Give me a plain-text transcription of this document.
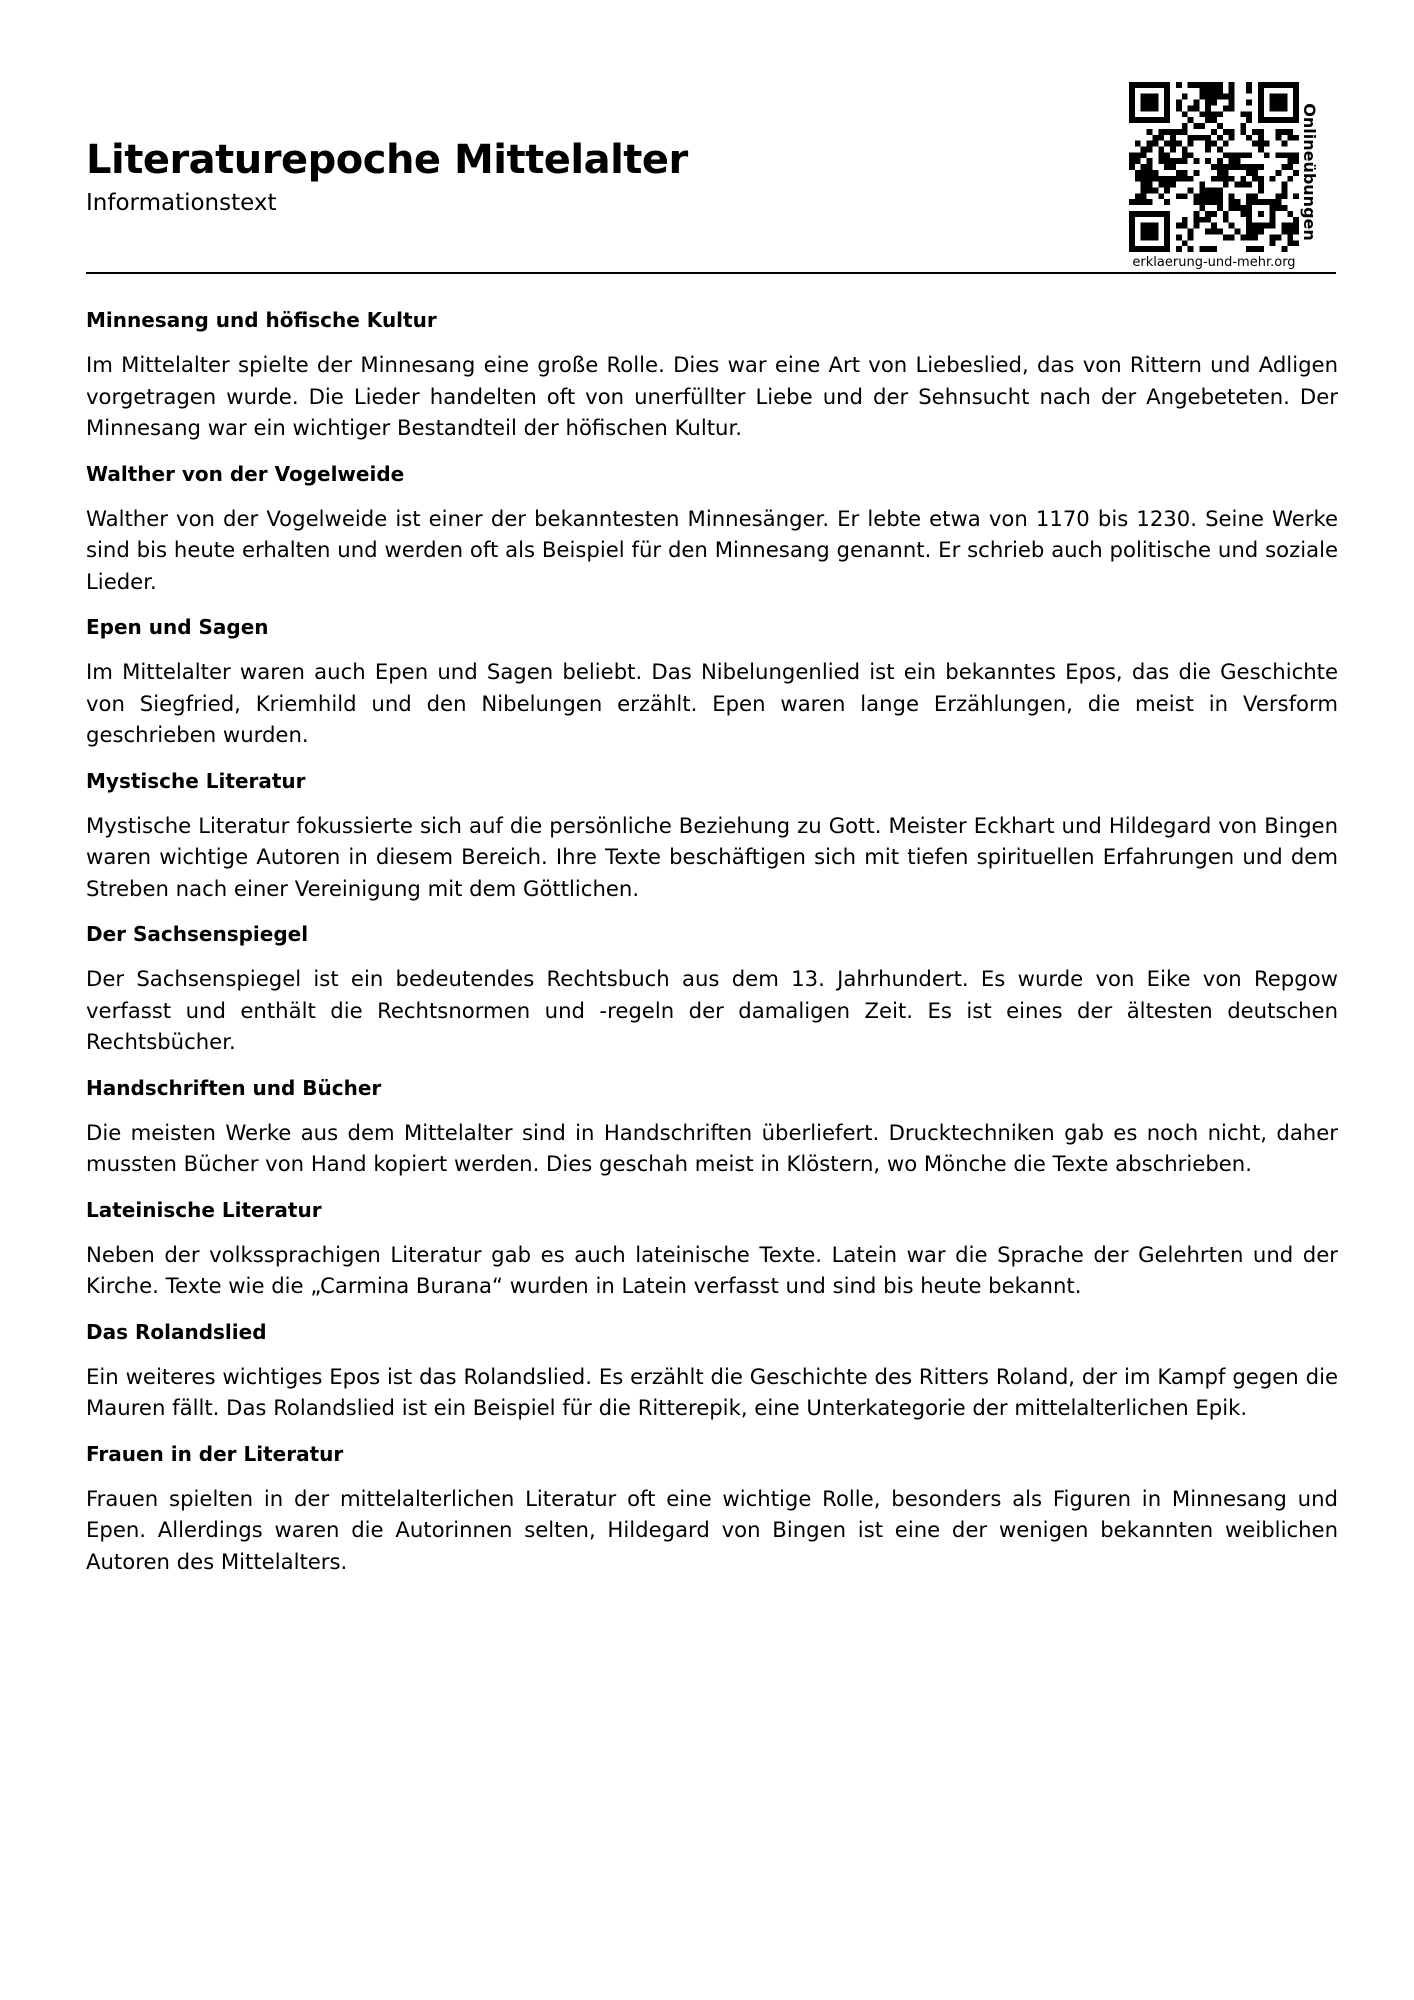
Literaturepoche Mittelalter
Informationstext	Onlineübungen
erklaerung-und-mehr.org
Minnesang und höfische Kultur

Im Mittelalter spielte der Minnesang eine große Rolle. Dies war eine Art von Liebeslied, das von Rittern und Adligen vorgetragen wurde. Die Lieder handelten oft von unerfüllter Liebe und der Sehnsucht nach der Angebeteten. Der Minnesang war ein wichtiger Bestandteil der höfischen Kultur.

Walther von der Vogelweide

Walther von der Vogelweide ist einer der bekanntesten Minnesänger. Er lebte etwa von 1170 bis 1230. Seine Werke sind bis heute erhalten und werden oft als Beispiel für den Minnesang genannt. Er schrieb auch politische und soziale Lieder.

Epen und Sagen

Im Mittelalter waren auch Epen und Sagen beliebt. Das Nibelungenlied ist ein bekanntes Epos, das die Geschichte von Siegfried, Kriemhild und den Nibelungen erzählt. Epen waren lange Erzählungen, die meist in Versform geschrieben wurden.

Mystische Literatur

Mystische Literatur fokussierte sich auf die persönliche Beziehung zu Gott. Meister Eckhart und Hildegard von Bingen waren wichtige Autoren in diesem Bereich. Ihre Texte beschäftigen sich mit tiefen spirituellen Erfahrungen und dem Streben nach einer Vereinigung mit dem Göttlichen.

Der Sachsenspiegel

Der Sachsenspiegel ist ein bedeutendes Rechtsbuch aus dem 13. Jahrhundert. Es wurde von Eike von Repgow verfasst und enthält die Rechtsnormen und -regeln der damaligen Zeit. Es ist eines der ältesten deutschen Rechtsbücher.

Handschriften und Bücher

Die meisten Werke aus dem Mittelalter sind in Handschriften überliefert. Drucktechniken gab es noch nicht, daher mussten Bücher von Hand kopiert werden. Dies geschah meist in Klöstern, wo Mönche die Texte abschrieben.

Lateinische Literatur

Neben der volkssprachigen Literatur gab es auch lateinische Texte. Latein war die Sprache der Gelehrten und der Kirche. Texte wie die „Carmina Burana“ wurden in Latein verfasst und sind bis heute bekannt.

Das Rolandslied

Ein weiteres wichtiges Epos ist das Rolandslied. Es erzählt die Geschichte des Ritters Roland, der im Kampf gegen die Mauren fällt. Das Rolandslied ist ein Beispiel für die Ritterepik, eine Unterkategorie der mittelalterlichen Epik.

Frauen in der Literatur

Frauen spielten in der mittelalterlichen Literatur oft eine wichtige Rolle, besonders als Figuren in Minnesang und Epen. Allerdings waren die Autorinnen selten, Hildegard von Bingen ist eine der wenigen bekannten weiblichen Autoren des Mittelalters.
